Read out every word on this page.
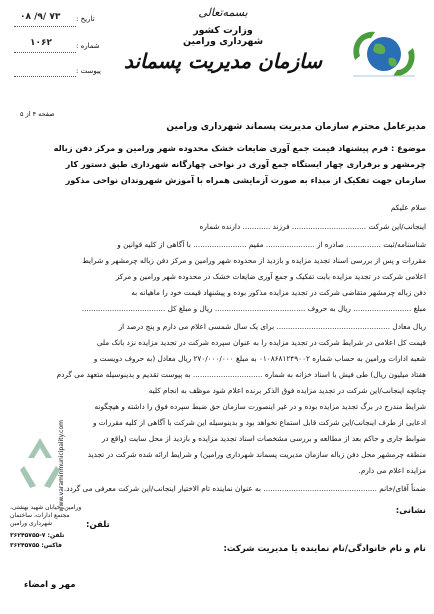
تاریخ :
۷۳ /۹/ ۰۸
شماره :
۱۰۶۲
پیوست :
بسمه‌تعالی
وزارت کشور
شهرداری ورامین
سازمان مدیریت پسماند
صفحه ۴ از ۵
مدیرعامل محترم سازمان مدیریت پسماند شهرداری ورامین
موضوع : فرم پیشنهاد قیمت جمع آوری ضایعات خشک محدوده شهر ورامین و مرکز دفن زباله
چرمشهر و برقراری چهار ایستگاه جمع آوری در نواحی چهارگانه شهرداری طبق دستور کار
سازمان جهت تفکیک از مبداء به صورت آزمایشی همراه با آموزش شهروندان نواحی مذکور
سلام علیکم
اینجانب/این شرکت ................................ فرزند ............ دارنده شماره
شناسنامه/ثبت ............... صادره از ..................... مقیم ....................... با آگاهی از کلیه قوانین و
مقررات و پس از بررسی اسناد تجدید مزایده و بازدید از محدوده شهر ورامین و مرکز دفن زباله چرمشهر و شرایط
اعلامی شرکت در تجدید مزایده بابت تفکیک و جمع آوری ضایعات خشک در محدوده شهر ورامین و مرکز
دفن زباله چرمشهر متقاضی شرکت در تجدید مزایده مذکور بوده و پیشنهاد قیمت خود را ماهیانه به
مبلغ ......................... ریال به حروف ....................................... ریال و مبلغ کل ....................................
ریال معادل ................................................. برای یک سال شمسی اعلام می دارم و پنج درصد از
قیمت کل اعلامی در شرایط شرکت در تجدید مزایده را به عنوان سپرده شرکت در تجدید مزایده نزد بانک ملی
شعبه ادارات ورامین به حساب شماره ۰۱۰۸۶۸۱۲۴۹۰۰۲ به مبلغ ۲۷۰/۰۰۰/۰۰۰ ریال معادل (به حروف دویست و
هفتاد میلیون ریال) طی فیش با اسناد خزانه به شماره .............................. به پیوست تقدیم و بدینوسیله متعهد می گردم
چنانچه اینجانب/این شرکت در تجدید مزایده فوق الذکر برنده اعلام شود موظف به انجام کلیه
شرایط مندرج در برگ تجدید مزایده بوده و در غیر اینصورت سازمان حق ضبط سپرده فوق را داشته و هیچگونه
ادعایی از طرف اینجانب/این شرکت قابل استماع نخواهد بود و بدینوسیله این شرکت با آگاهی از کلیه مقررات و
ضوابط جاری و حاکم بعد از مطالعه و بررسی مشخصات اسناد تجدید مزایده و بازدید از محل سایت (واقع در
منطقه چرمشهر محل دفن زباله سازمان مدیریت پسماند شهرداری ورامین) و شرایط ارائه شده شرکت در تجدید
مزایده اعلام می دارم.
ضمناً آقای/خانم ................................................. به عنوان نماینده تام الاختیار اینجانب/این شرکت معرفی می گردد.
نشانی:
تلفن:
نام و نام خانوادگی/نام نماینده یا مدیریت شرکت:
مهر و امضاء
www.varaminmunicipality.com
ورامین، خیابان شهید بهشتی،
مجتمع ادارات، ساختمان
شهرداری ورامین
تلفن: ۷-۳۶۲۴۵۷۵۵
فاکس: ۳۶۲۴۵۷۵۵
